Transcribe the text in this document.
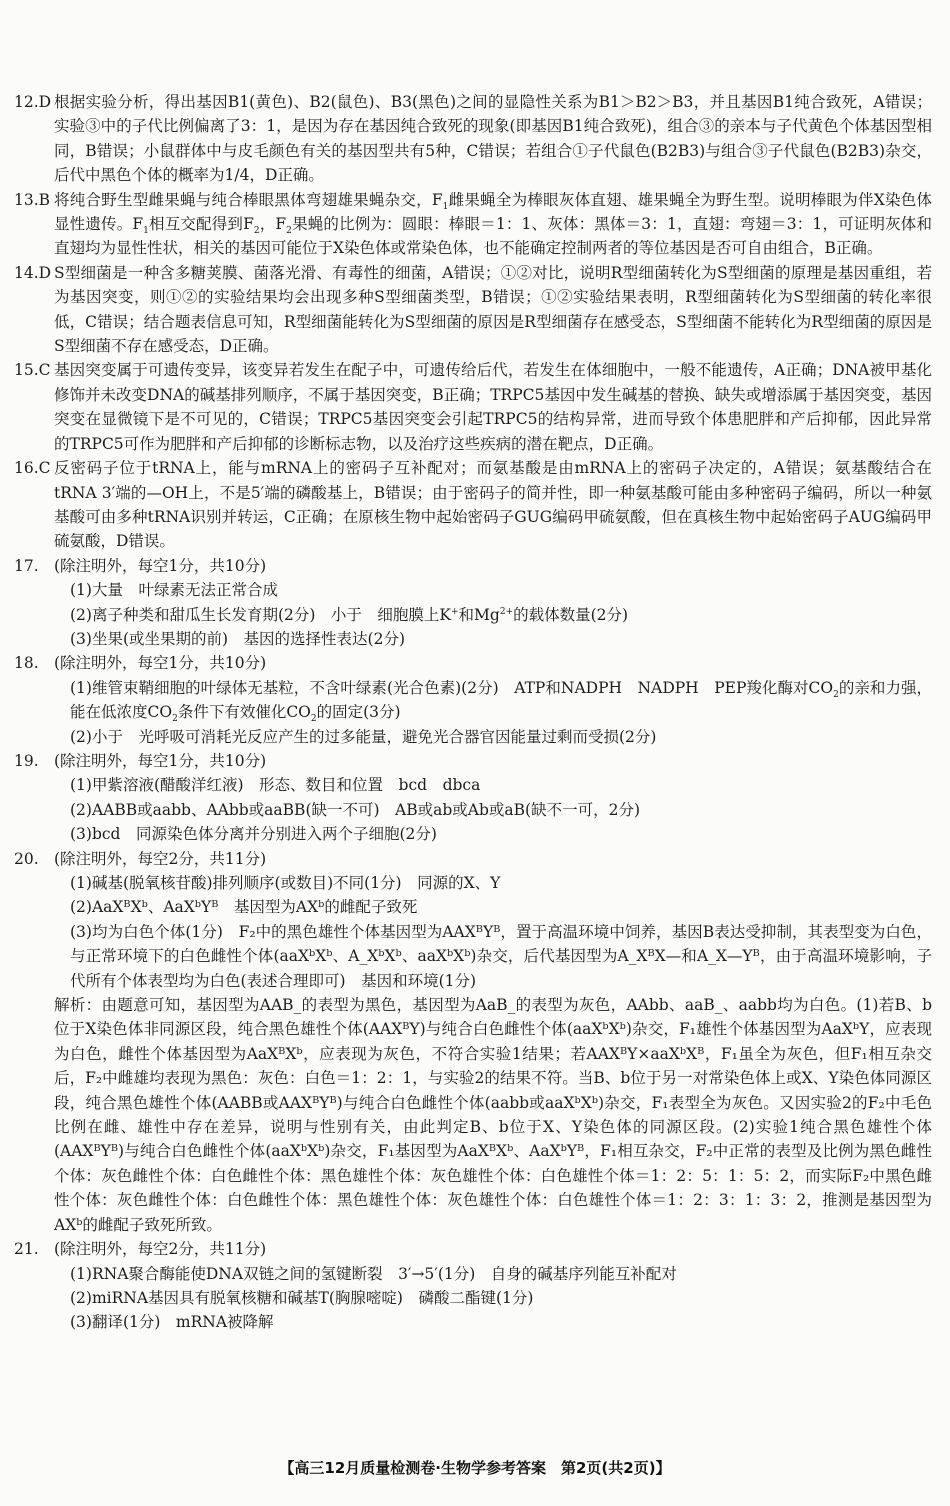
12.D 根据实验分析，得出基因B1(黄色)、B2(鼠色)、B3(黑色)之间的显隐性关系为B1＞B2＞B3，并且基因B1纯合致死，A错误；实验③中的子代比例偏离了3：1，是因为存在基因纯合致死的现象(即基因B1纯合致死)，组合③的亲本与子代黄色个体基因型相同，B错误；小鼠群体中与皮毛颜色有关的基因型共有5种，C错误；若组合①子代鼠色(B2B3)与组合③子代鼠色(B2B3)杂交，后代中黑色个体的概率为1/4，D正确。
13.B 将纯合野生型雌果蝇与纯合棒眼黑体弯翅雄果蝇杂交，$F_1$雌果蝇全为棒眼灰体直翅、雄果蝇全为野生型。说明棒眼为伴X染色体显性遗传。$F_1$相互交配得到$F_2$，$F_2$果蝇的比例为：圆眼：棒眼＝1：1、灰体：黑体＝3：1，直翅：弯翅＝3：1，可证明灰体和直翅均为显性性状，相关的基因可能位于X染色体或常染色体，也不能确定控制两者的等位基因是否可自由组合，B正确。
14.D S型细菌是一种含多糖荚膜、菌落光滑、有毒性的细菌，A错误；①②对比，说明R型细菌转化为S型细菌的原理是基因重组，若为基因突变，则①②的实验结果均会出现多种S型细菌类型，B错误；①②实验结果表明，R型细菌转化为S型细菌的转化率很低，C错误；结合题表信息可知，R型细菌能转化为S型细菌的原因是R型细菌存在感受态，S型细菌不能转化为R型细菌的原因是S型细菌不存在感受态，D正确。
15.C 基因突变属于可遗传变异，该变异若发生在配子中，可遗传给后代，若发生在体细胞中，一般不能遗传，A正确；DNA被甲基化修饰并未改变DNA的碱基排列顺序，不属于基因突变，B正确；TRPC5基因中发生碱基的替换、缺失或增添属于基因突变，基因突变在显微镜下是不可见的，C错误；TRPC5基因突变会引起TRPC5的结构异常，进而导致个体患肥胖和产后抑郁，因此异常的TRPC5可作为肥胖和产后抑郁的诊断标志物，以及治疗这些疾病的潜在靶点，D正确。
16.C 反密码子位于tRNA上，能与mRNA上的密码子互补配对；而氨基酸是由mRNA上的密码子决定的，A错误；氨基酸结合在tRNA 3′端的—OH上，不是5′端的磷酸基上，B错误；由于密码子的简并性，即一种氨基酸可能由多种密码子编码，所以一种氨基酸可由多种tRNA识别并转运，C正确；在原核生物中起始密码子GUG编码甲硫氨酸，但在真核生物中起始密码子AUG编码甲硫氨酸，D错误。
17. (除注明外，每空1分，共10分)
(1)大量　叶绿素无法正常合成
(2)离子种类和甜瓜生长发育期(2分)　小于　细胞膜上K+和$Mg^{2+}$的载体数量(2分)
(3)坐果(或坐果期的前)　基因的选择性表达(2分)
18. (除注明外，每空1分，共10分)
(1)维管束鞘细胞的叶绿体无基粒，不含叶绿素(光合色素)(2分)　ATP和NADPH　NADPH　PEP羧化酶对$CO_2$的亲和力强，能在低浓度$CO_2$条件下有效催化$CO_2$的固定(3分)
(2)小于　光呼吸可消耗光反应产生的过多能量，避免光合器官因能量过剩而受损(2分)
19. (除注明外，每空1分，共10分)
(1)甲紫溶液(醋酸洋红液)　形态、数目和位置　bcd　dbca
(2)AABB或aabb、AAbb或aaBB(缺一不可)　AB或ab或Ab或aB(缺不一可，2分)
(3)bcd　同源染色体分离并分别进入两个子细胞(2分)
20. (除注明外，每空2分，共11分)
(1)碱基(脱氧核苷酸)排列顺序(或数目)不同(1分)　同源的X、Y
(2)AaXᴮXᵇ、AaXᵇYᴮ　基因型为AXᵇ的雌配子致死
(3)均为白色个体(1分)　F₂中的黑色雄性个体基因型为AAXᴮYᴮ，置于高温环境中饲养，基因B表达受抑制，其表型变为白色，与正常环境下的白色雌性个体(aaXᵇXᵇ、A_XᵇXᵇ、aaXᵇXᵇ)杂交，后代基因型为A_XᴮX—和A_X—Yᴮ，由于高温环境影响，子代所有个体表型均为白色(表述合理即可)　基因和环境(1分)
解析：由题意可知，基因型为AAB_的表型为黑色，基因型为AaB_的表型为灰色，AAbb、aaB_、aabb均为白色。(1)若B、b位于X染色体非同源区段，纯合黑色雄性个体(AAXᴮY)与纯合白色雌性个体(aaXᵇXᵇ)杂交，F₁雄性个体基因型为AaXᵇY，应表现为白色，雌性个体基因型为AaXᴮXᵇ，应表现为灰色，不符合实验1结果；若AAXᴮY×aaXᵇXᴮ，F₁虽全为灰色，但F₁相互杂交后，F₂中雌雄均表现为黑色：灰色：白色＝1：2：1，与实验2的结果不符。当B、b位于另一对常染色体上或X、Y染色体同源区段，纯合黑色雄性个体(AABB或AAXᴮYᴮ)与纯合白色雌性个体(aabb或aaXᵇXᵇ)杂交，F₁表型全为灰色。又因实验2的F₂中毛色比例在雌、雄性中存在差异，说明与性别有关，由此判定B、b位于X、Y染色体的同源区段。(2)实验1纯合黑色雄性个体(AAXᴮYᴮ)与纯合白色雌性个体(aaXᵇXᵇ)杂交，F₁基因型为AaXᴮXᵇ、AaXᵇYᴮ，F₁相互杂交，F₂中正常的表型及比例为黑色雌性个体：灰色雌性个体：白色雌性个体：黑色雄性个体：灰色雄性个体：白色雄性个体＝1：2：5：1：5：2，而实际F₂中黑色雌性个体：灰色雌性个体：白色雌性个体：黑色雄性个体：灰色雄性个体：白色雄性个体＝1：2：3：1：3：2，推测是基因型为AXᵇ的雌配子致死所致。
21. (除注明外，每空2分，共11分)
(1)RNA聚合酶能使DNA双链之间的氢键断裂　3′→5′(1分)　自身的碱基序列能互补配对
(2)miRNA基因具有脱氧核糖和碱基T(胸腺嘧啶)　磷酸二酯键(1分)
(3)翻译(1分)　mRNA被降解
【高三12月质量检测卷·生物学参考答案　第2页(共2页)】
